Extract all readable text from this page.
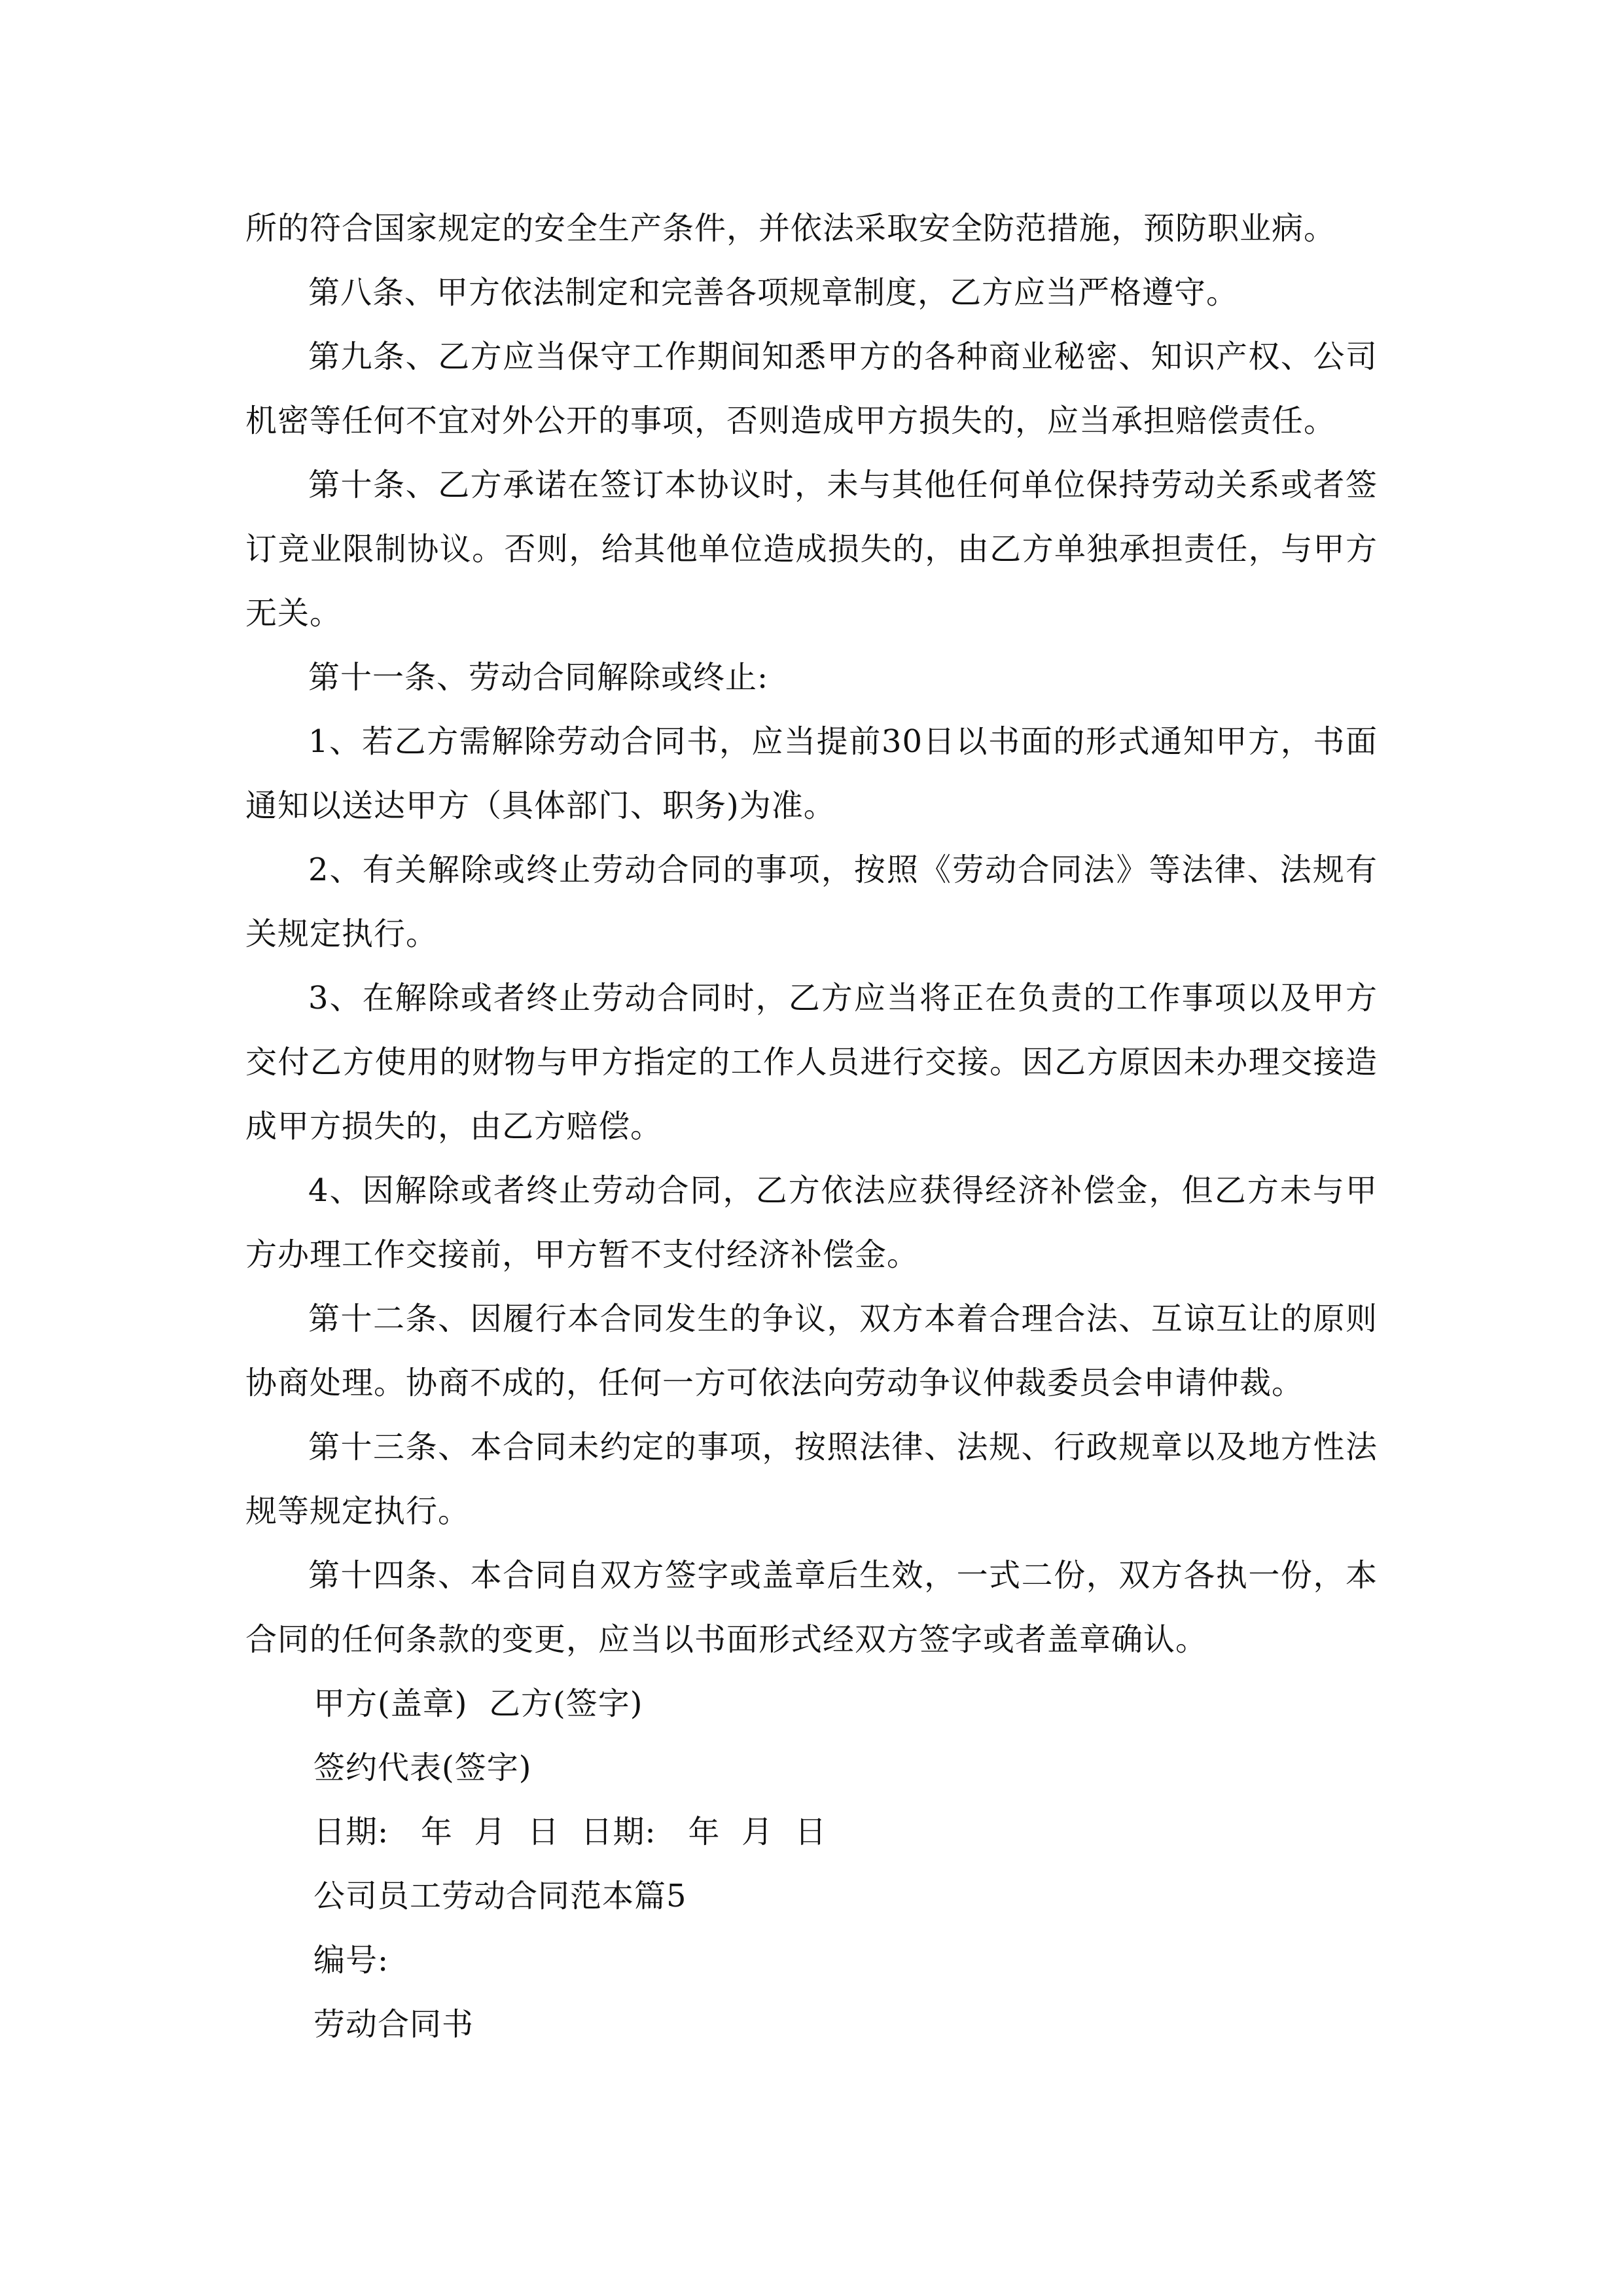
所的符合国家规定的安全生产条件，并依法采取安全防范措施，预防职业病。

第八条、甲方依法制定和完善各项规章制度，乙方应当严格遵守。

第九条、乙方应当保守工作期间知悉甲方的各种商业秘密、知识产权、公司机密等任何不宜对外公开的事项，否则造成甲方损失的，应当承担赔偿责任。

第十条、乙方承诺在签订本协议时，未与其他任何单位保持劳动关系或者签订竞业限制协议。否则，给其他单位造成损失的，由乙方单独承担责任，与甲方无关。

第十一条、劳动合同解除或终止:

1、若乙方需解除劳动合同书，应当提前30日以书面的形式通知甲方，书面通知以送达甲方（具体部门、职务)为准。

2、有关解除或终止劳动合同的事项，按照《劳动合同法》等法律、法规有关规定执行。

3、在解除或者终止劳动合同时，乙方应当将正在负责的工作事项以及甲方交付乙方使用的财物与甲方指定的工作人员进行交接。因乙方原因未办理交接造成甲方损失的，由乙方赔偿。

4、因解除或者终止劳动合同，乙方依法应获得经济补偿金，但乙方未与甲方办理工作交接前，甲方暂不支付经济补偿金。

第十二条、因履行本合同发生的争议，双方本着合理合法、互谅互让的原则协商处理。协商不成的，任何一方可依法向劳动争议仲裁委员会申请仲裁。

第十三条、本合同未约定的事项，按照法律、法规、行政规章以及地方性法规等规定执行。

第十四条、本合同自双方签字或盖章后生效，一式二份，双方各执一份，本合同的任何条款的变更，应当以书面形式经双方签字或者盖章确认。

甲方(盖章)  乙方(签字)

签约代表(签字)

日期:   年  月  日  日期:   年  月  日

公司员工劳动合同范本篇5

编号:

劳动合同书
